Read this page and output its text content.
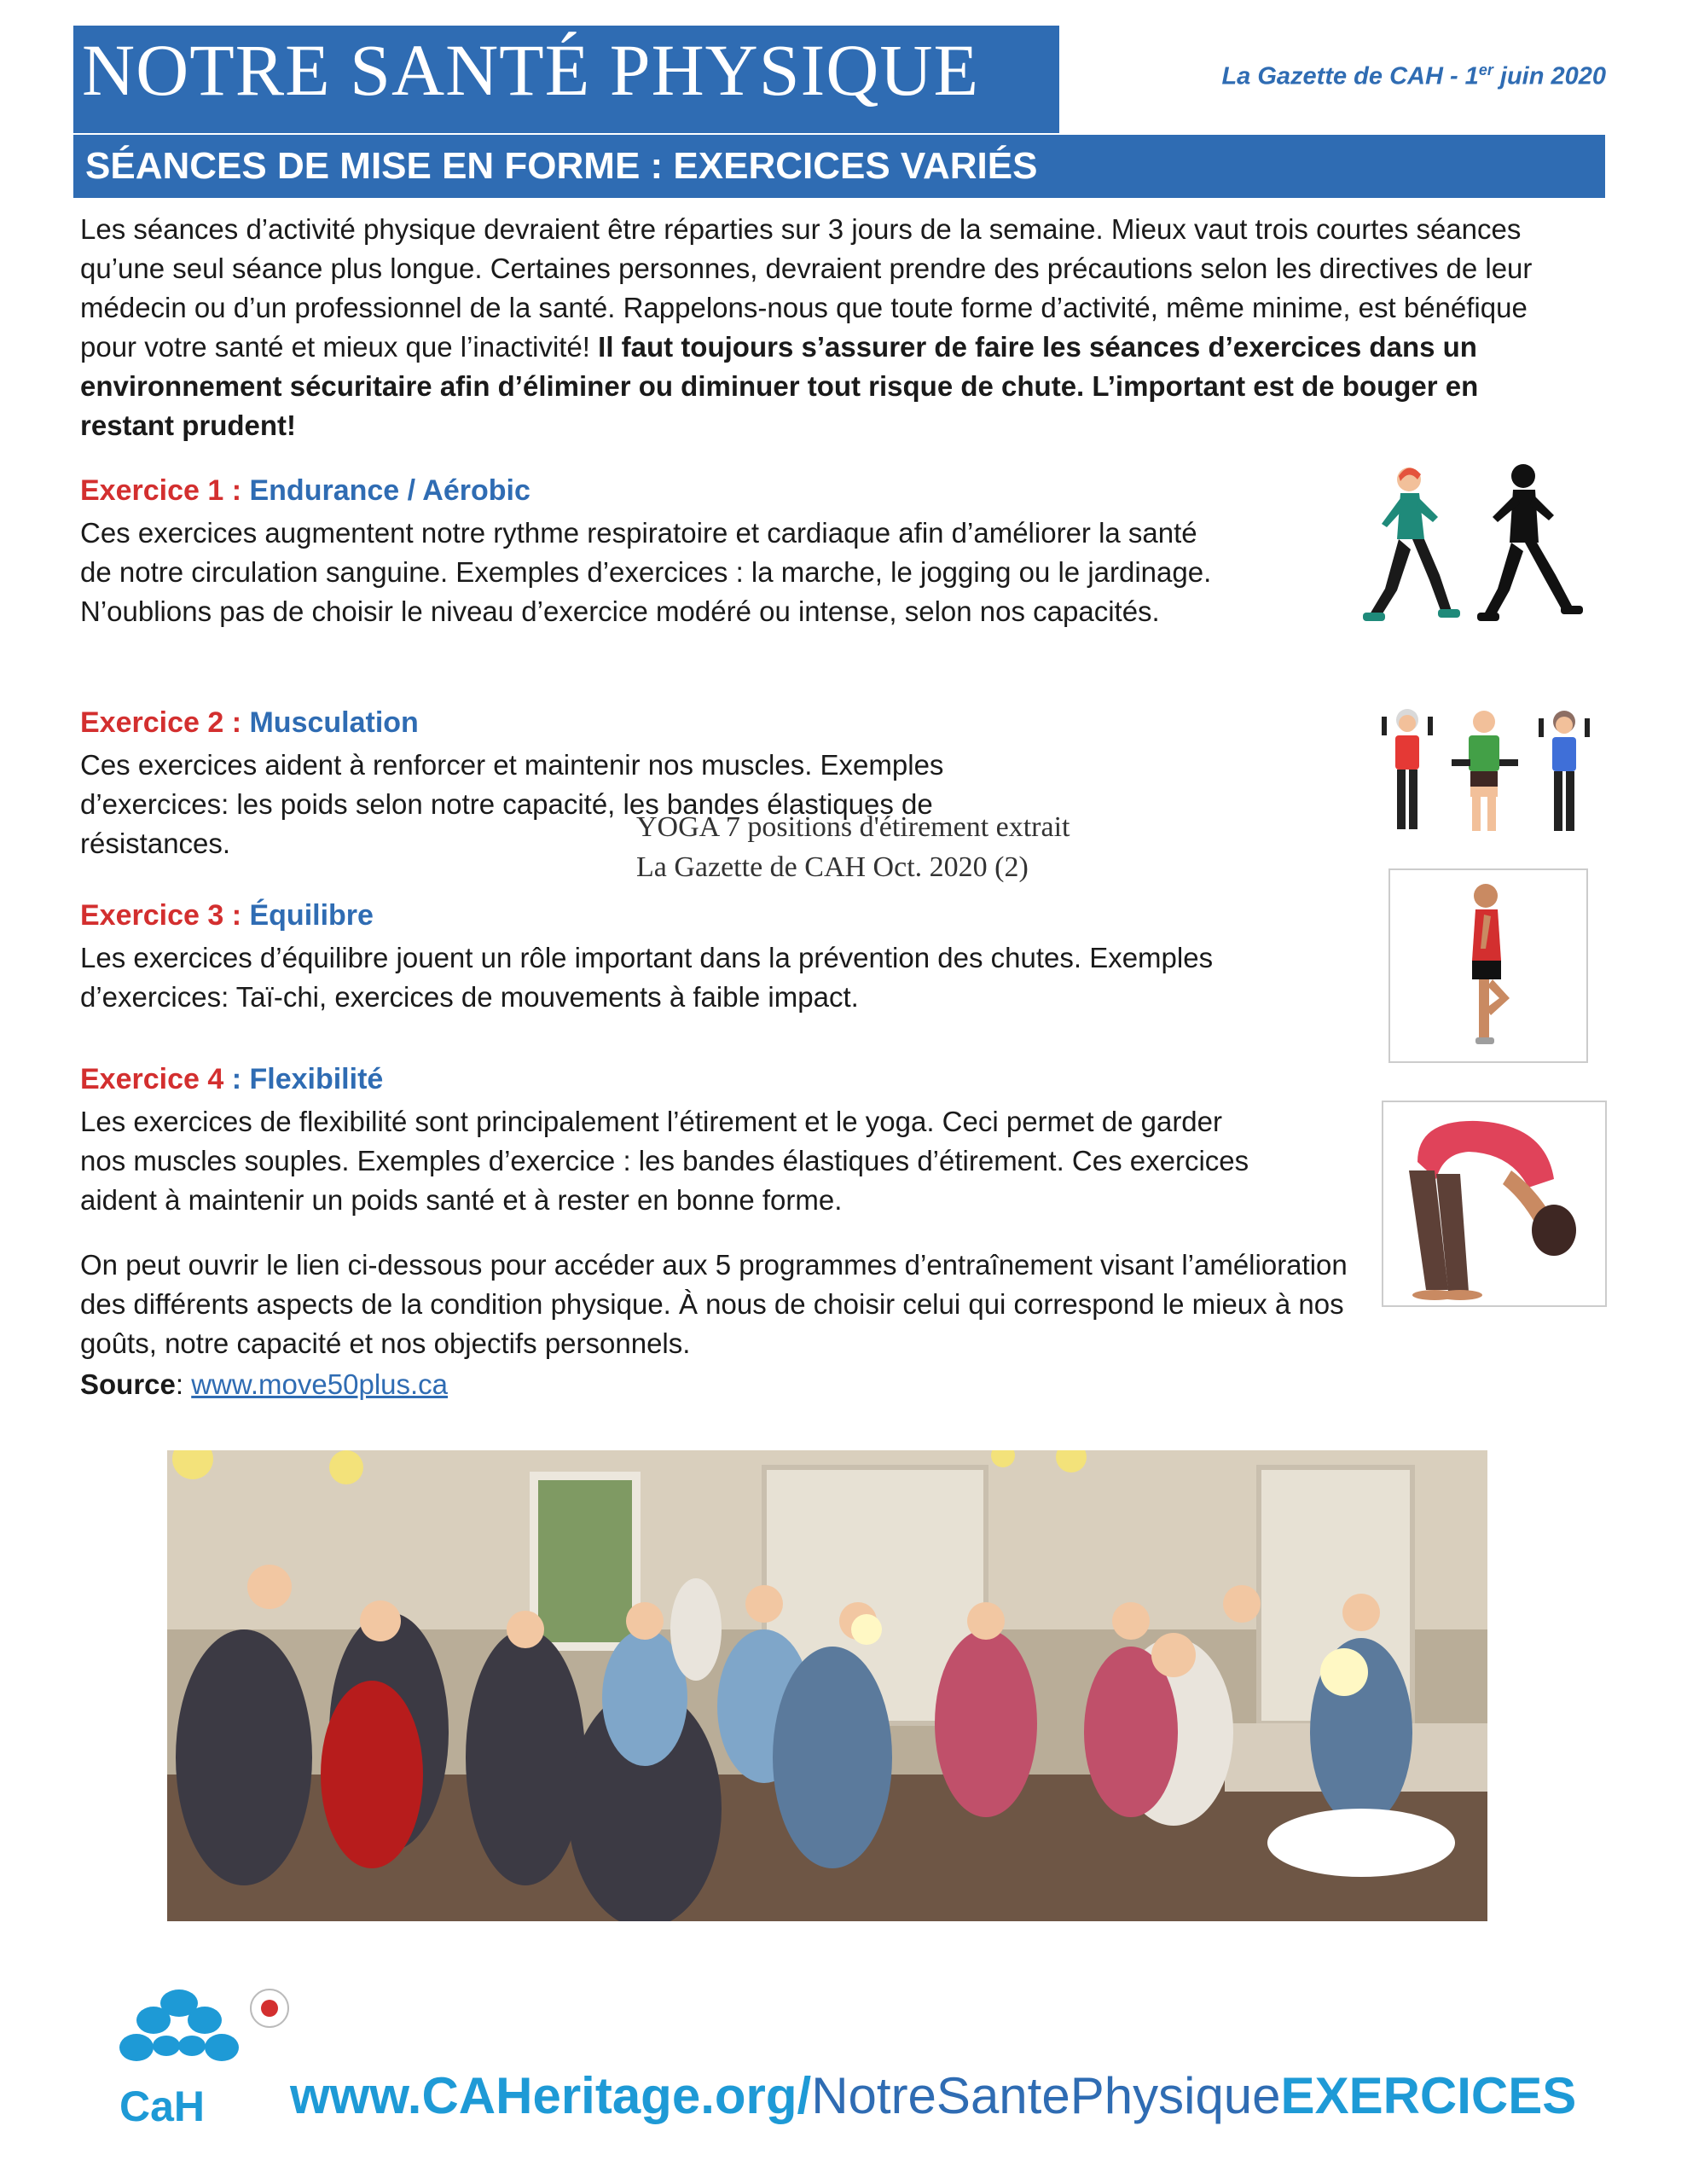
NOTRE SANTÉ PHYSIQUE	La Gazette de CAH - 1er juin 2020
SÉANCES DE MISE EN FORME : EXERCICES VARIÉS
Les séances d’activité physique devraient être réparties sur 3 jours de la semaine. Mieux vaut trois courtes séances qu’une seul séance plus longue. Certaines personnes, devraient prendre des précautions selon les directives de leur médecin ou d’un professionnel de la santé. Rappelons-nous que toute forme d’activité, même minime, est bénéfique pour votre santé et mieux que l’inactivité! Il faut toujours s’assurer de faire les séances d’exercices dans un environnement sécuritaire afin d’éliminer ou diminuer tout risque de chute. L’important est de bouger en restant prudent!
Exercice 1 : Endurance / Aérobic
Ces exercices augmentent notre rythme respiratoire et cardiaque afin d’améliorer la santé de notre circulation sanguine. Exemples d’exercices : la marche, le jogging ou le jardinage. N’oublions pas de choisir le niveau d’exercice modéré ou intense, selon nos capacités.
Exercice 2 : Musculation
Ces exercices aident à renforcer et maintenir nos muscles. Exemples d’exercices: les poids selon notre capacité, les bandes élastiques de résistances.
YOGA 7 positions d'étirement extrait La Gazette de CAH Oct. 2020 (2)
Exercice 3 : Équilibre
Les exercices d’équilibre jouent un rôle important dans la prévention des chutes. Exemples d’exercices: Taï-chi, exercices de mouvements à faible impact.
Exercice 4 : Flexibilité
Les exercices de flexibilité sont principalement l’étirement et le yoga. Ceci permet de garder nos muscles souples. Exemples d’exercice : les bandes élastiques d’étirement. Ces exercices aident à maintenir un poids santé et à rester en bonne forme.
On peut ouvrir le lien ci-dessous pour accéder aux 5 programmes d’entraînement visant l’amélioration des différents aspects de la condition physique. À nous de choisir celui qui correspond le mieux à nos goûts, notre capacité et nos objectifs personnels.
Source: www.move50plus.ca
CaH www.CAHeritage.org/NotreSantePhysiqueEXERCICES
